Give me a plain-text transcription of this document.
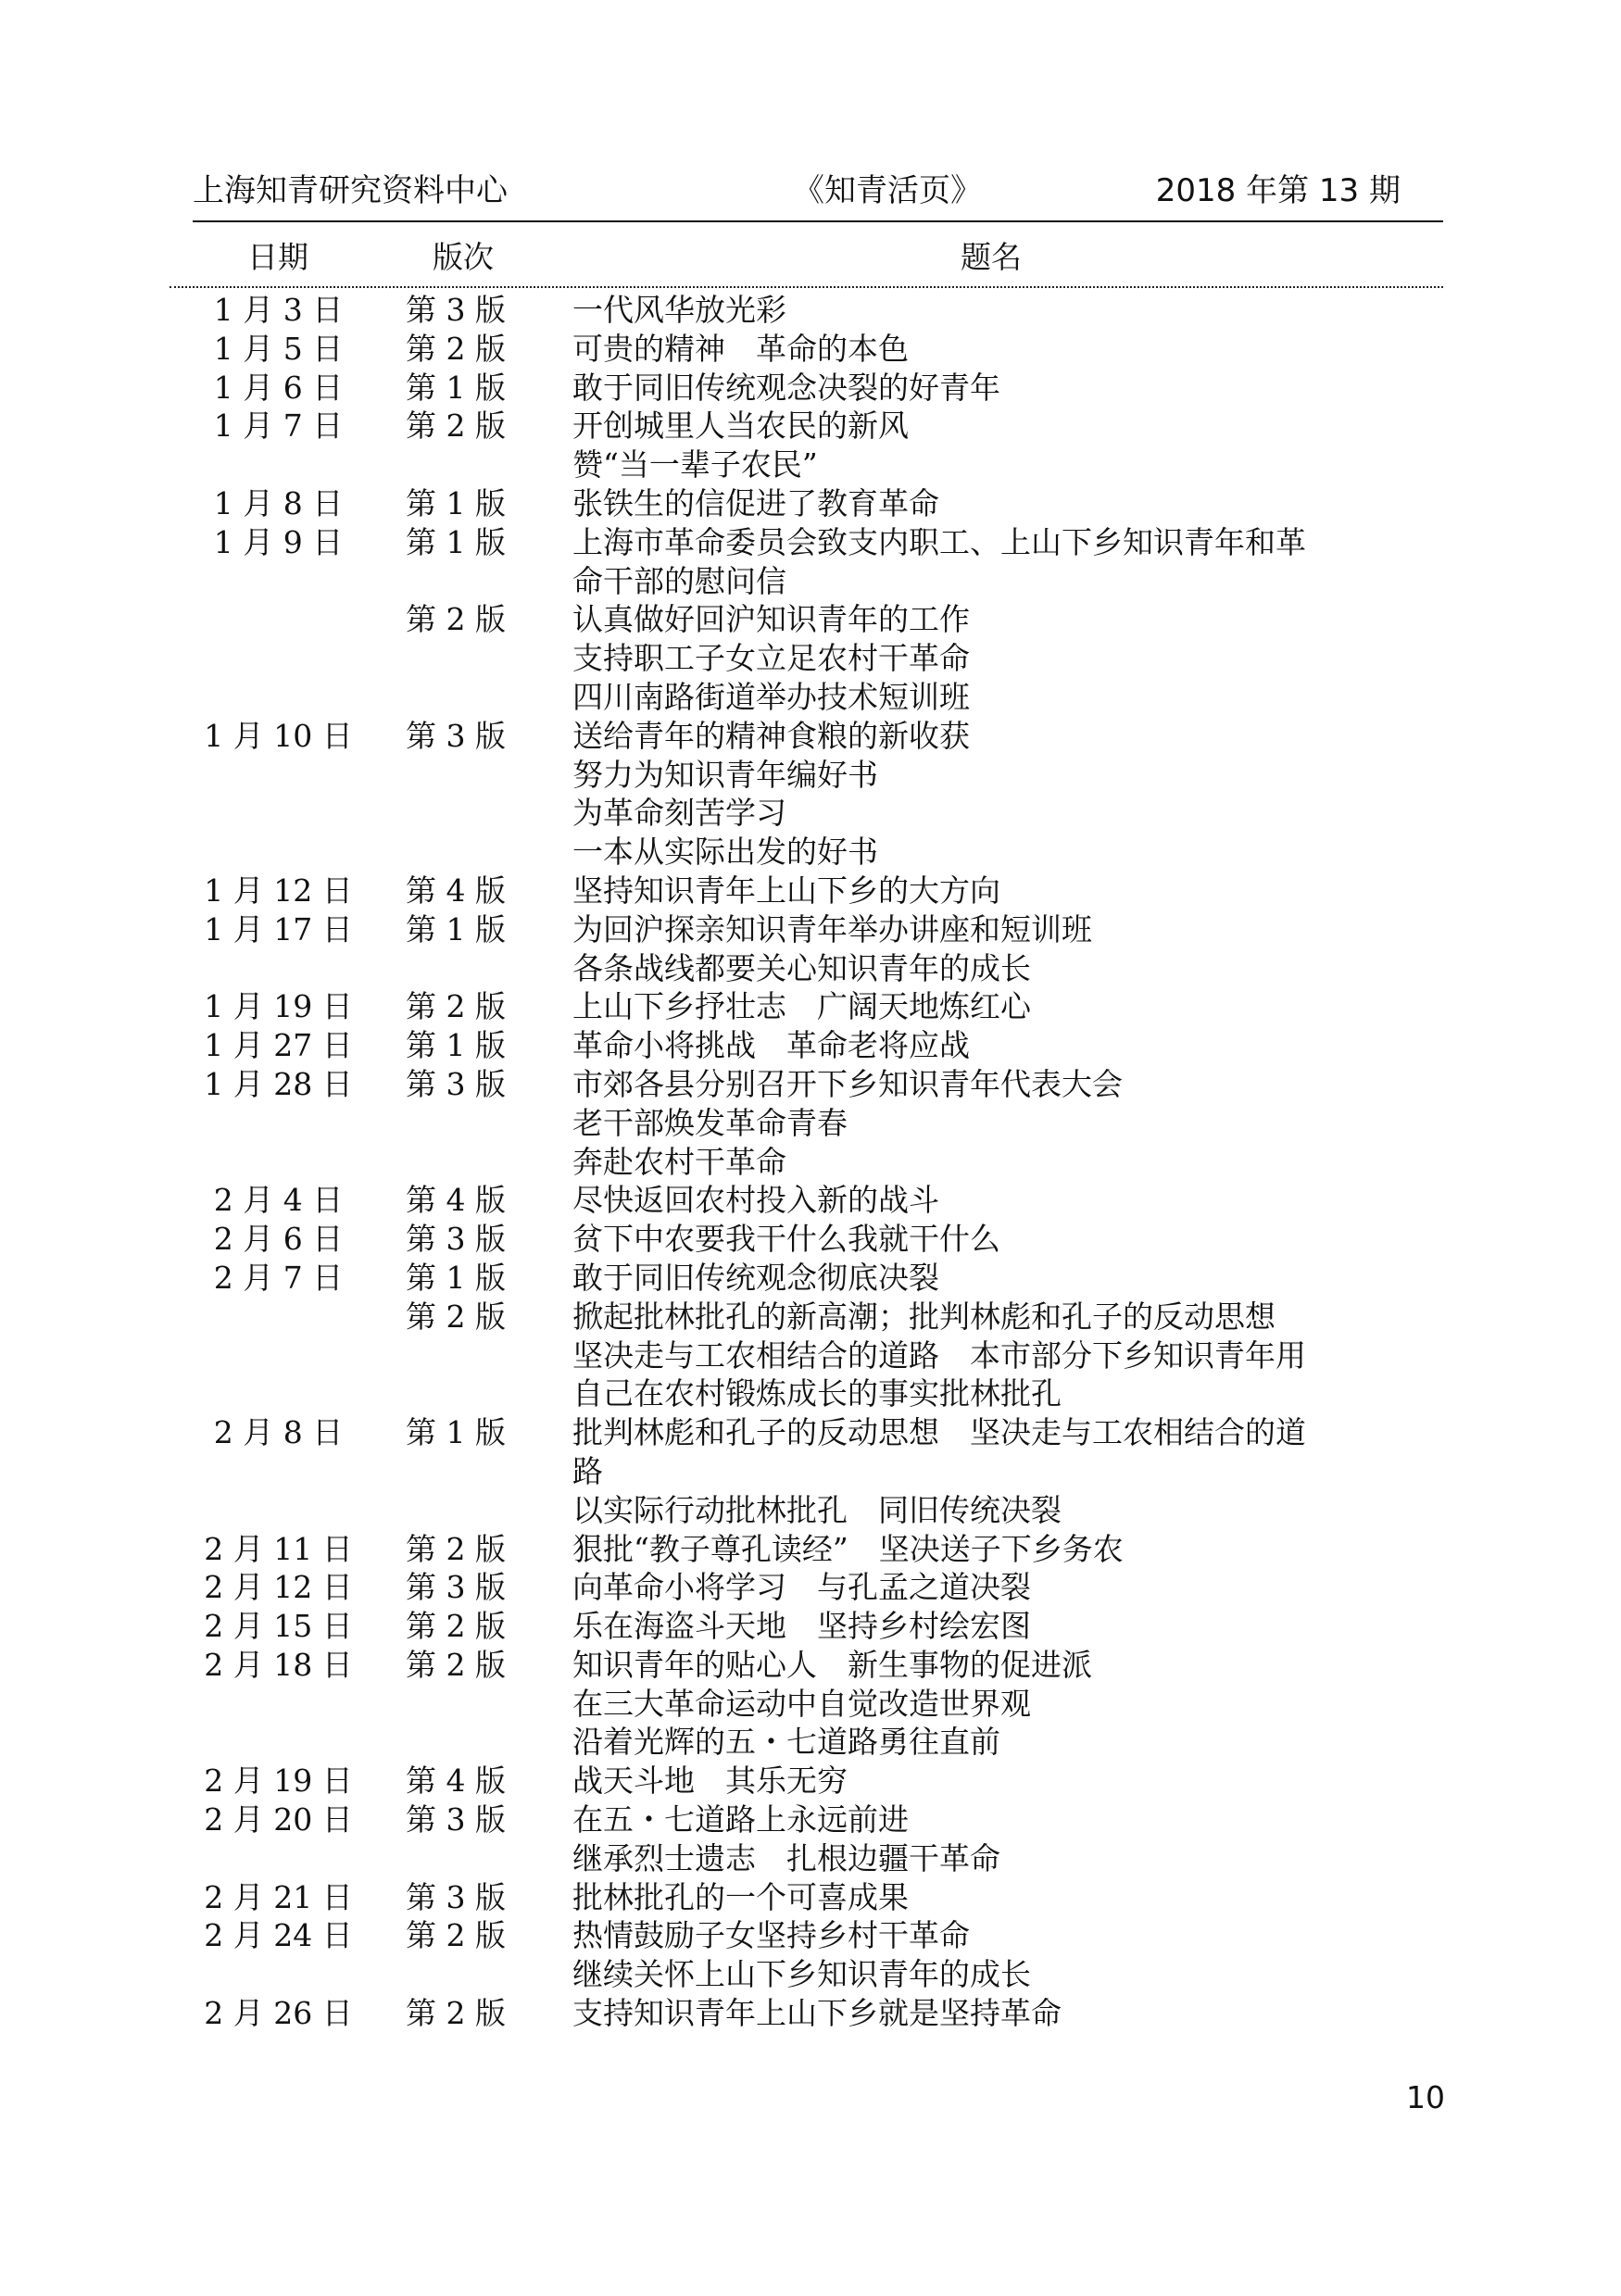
上海知青研究资料中心	《知青活页》	2018 年第 13 期
日期	版次	题名
1 月 3 日	第 3 版 一代风华放光彩
1 月 5 日	第 2 版 可贵的精神　革命的本色
1 月 6 日	第 1 版 敢于同旧传统观念决裂的好青年
1 月 7 日	第 2 版 开创城里人当农民的新风
赞“当一辈子农民”
1 月 8 日	第 1 版 张铁生的信促进了教育革命
1 月 9 日	第 1 版 上海市革命委员会致支内职工、上山下乡知识青年和革
命干部的慰问信
第 2 版 认真做好回沪知识青年的工作
支持职工子女立足农村干革命
四川南路街道举办技术短训班
1 月 10 日 第 3 版 送给青年的精神食粮的新收获
努力为知识青年编好书
为革命刻苦学习
一本从实际出发的好书
1 月 12 日 第 4 版 坚持知识青年上山下乡的大方向
1 月 17 日 第 1 版 为回沪探亲知识青年举办讲座和短训班
各条战线都要关心知识青年的成长
1 月 19 日 第 2 版 上山下乡抒壮志　广阔天地炼红心
1 月 27 日 第 1 版 革命小将挑战　革命老将应战
1 月 28 日 第 3 版 市郊各县分别召开下乡知识青年代表大会
老干部焕发革命青春
奔赴农村干革命
2 月 4 日	第 4 版 尽快返回农村投入新的战斗
2 月 6 日	第 3 版 贫下中农要我干什么我就干什么
2 月 7 日	第 1 版 敢于同旧传统观念彻底决裂
第 2 版 掀起批林批孔的新高潮；批判林彪和孔子的反动思想
坚决走与工农相结合的道路　本市部分下乡知识青年用
自己在农村锻炼成长的事实批林批孔
2 月 8 日	第 1 版 批判林彪和孔子的反动思想　坚决走与工农相结合的道
路
以实际行动批林批孔　同旧传统决裂
2 月 11 日 第 2 版 狠批“教子尊孔读经”　坚决送子下乡务农
2 月 12 日 第 3 版 向革命小将学习　与孔孟之道决裂
2 月 15 日 第 2 版 乐在海盗斗天地　坚持乡村绘宏图
2 月 18 日 第 2 版 知识青年的贴心人　新生事物的促进派
在三大革命运动中自觉改造世界观
沿着光辉的五・七道路勇往直前
2 月 19 日 第 4 版 战天斗地　其乐无穷
2 月 20 日 第 3 版 在五・七道路上永远前进
继承烈士遗志　扎根边疆干革命
2 月 21 日 第 3 版 批林批孔的一个可喜成果
2 月 24 日 第 2 版 热情鼓励子女坚持乡村干革命
继续关怀上山下乡知识青年的成长
2 月 26 日 第 2 版 支持知识青年上山下乡就是坚持革命
10
